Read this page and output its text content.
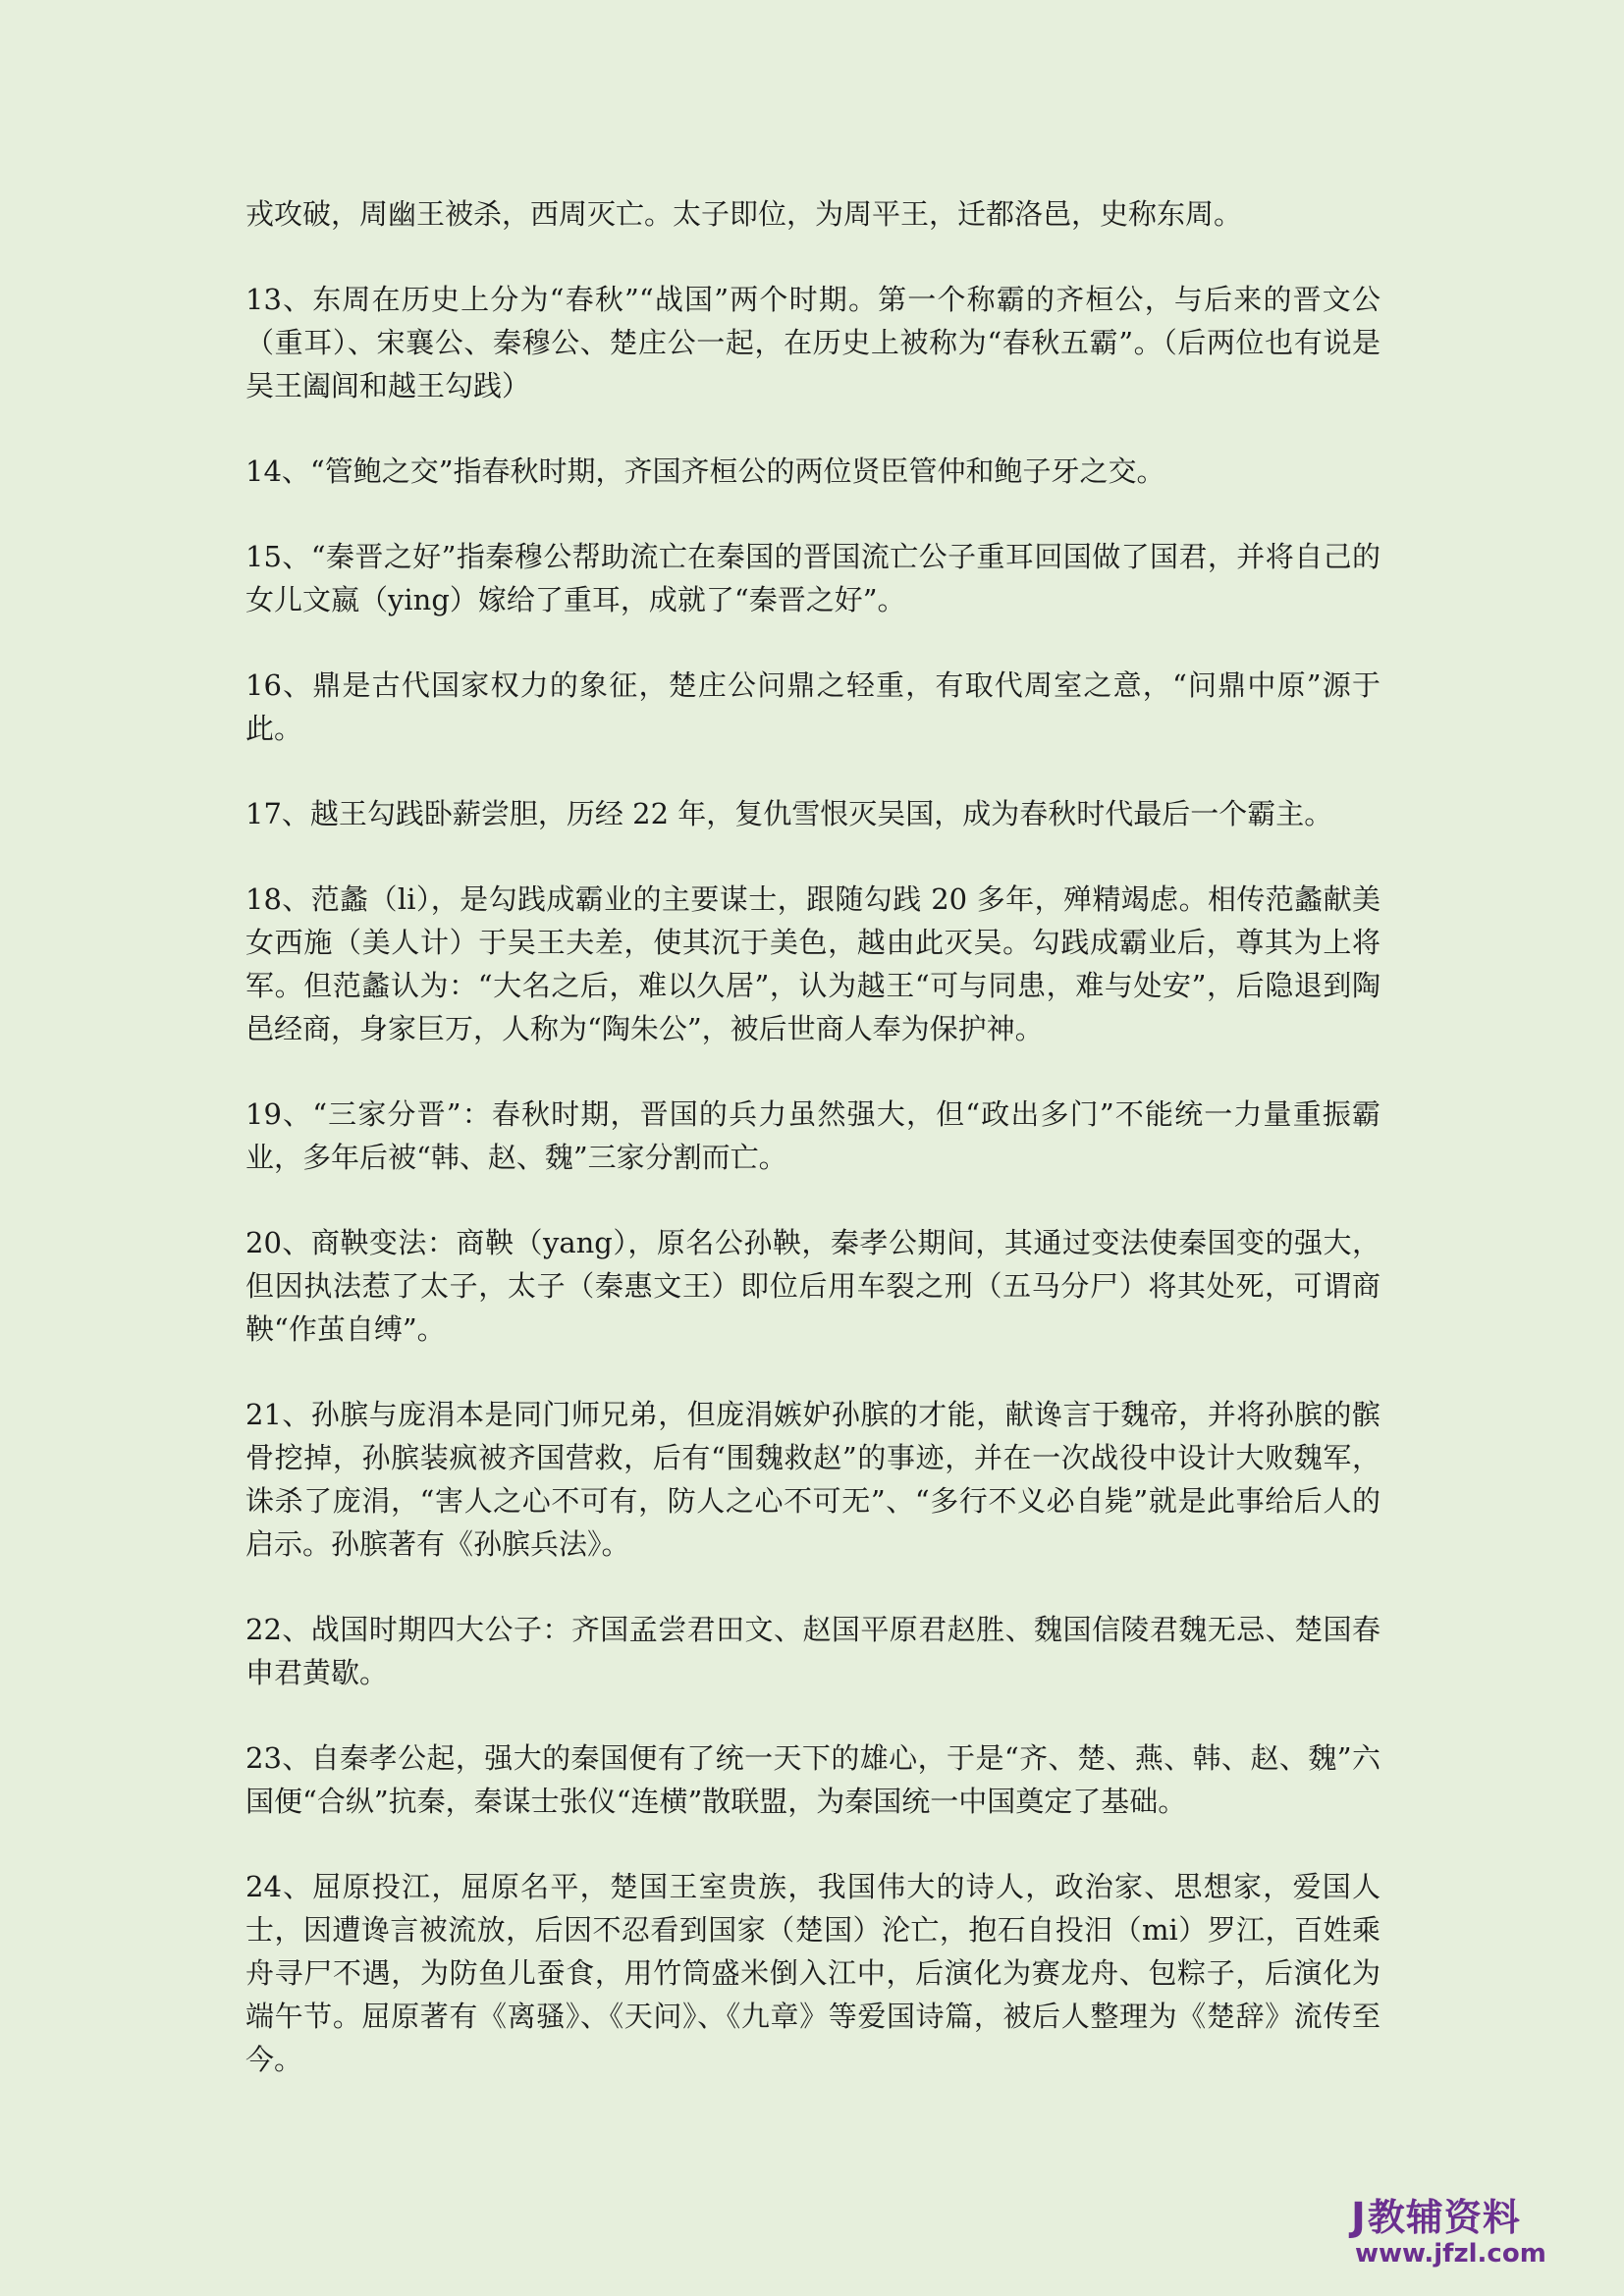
戎攻破，周幽王被杀，西周灭亡。太子即位，为周平王，迁都洛邑，史称东周。

13、东周在历史上分为“春秋”“战国”两个时期。第一个称霸的齐桓公，与后来的晋文公（重耳）、宋襄公、秦穆公、楚庄公一起，在历史上被称为“春秋五霸”。（后两位也有说是吴王阖闾和越王勾践）

14、“管鲍之交”指春秋时期，齐国齐桓公的两位贤臣管仲和鲍子牙之交。

15、“秦晋之好”指秦穆公帮助流亡在秦国的晋国流亡公子重耳回国做了国君，并将自己的女儿文嬴（ying）嫁给了重耳，成就了“秦晋之好”。

16、鼎是古代国家权力的象征，楚庄公问鼎之轻重，有取代周室之意，“问鼎中原”源于此。

17、越王勾践卧薪尝胆，历经 22 年，复仇雪恨灭吴国，成为春秋时代最后一个霸主。

18、范蠡（li），是勾践成霸业的主要谋士，跟随勾践 20 多年，殚精竭虑。相传范蠡献美女西施（美人计）于吴王夫差，使其沉于美色，越由此灭吴。勾践成霸业后，尊其为上将军。但范蠡认为：“大名之后，难以久居”，认为越王“可与同患，难与处安”，后隐退到陶邑经商，身家巨万，人称为“陶朱公”，被后世商人奉为保护神。

19、“三家分晋”：春秋时期，晋国的兵力虽然强大，但“政出多门”不能统一力量重振霸业，多年后被“韩、赵、魏”三家分割而亡。

20、商鞅变法：商鞅（yang），原名公孙鞅，秦孝公期间，其通过变法使秦国变的强大，但因执法惹了太子，太子（秦惠文王）即位后用车裂之刑（五马分尸）将其处死，可谓商鞅“作茧自缚”。

21、孙膑与庞涓本是同门师兄弟，但庞涓嫉妒孙膑的才能，献谗言于魏帝，并将孙膑的髌骨挖掉，孙膑装疯被齐国营救，后有“围魏救赵”的事迹，并在一次战役中设计大败魏军，诛杀了庞涓，“害人之心不可有，防人之心不可无”、“多行不义必自毙”就是此事给后人的启示。孙膑著有《孙膑兵法》。

22、战国时期四大公子：齐国孟尝君田文、赵国平原君赵胜、魏国信陵君魏无忌、楚国春申君黄歇。

23、自秦孝公起，强大的秦国便有了统一天下的雄心，于是“齐、楚、燕、韩、赵、魏”六国便“合纵”抗秦，秦谋士张仪“连横”散联盟，为秦国统一中国奠定了基础。

24、屈原投江，屈原名平，楚国王室贵族，我国伟大的诗人，政治家、思想家，爱国人士，因遭谗言被流放，后因不忍看到国家（楚国）沦亡，抱石自投汨（mi）罗江，百姓乘舟寻尸不遇，为防鱼儿蚕食，用竹筒盛米倒入江中，后演化为赛龙舟、包粽子，后演化为端午节。屈原著有《离骚》、《天问》、《九章》等爱国诗篇，被后人整理为《楚辞》流传至今。

J 教辅资料
www.jfzl.com
